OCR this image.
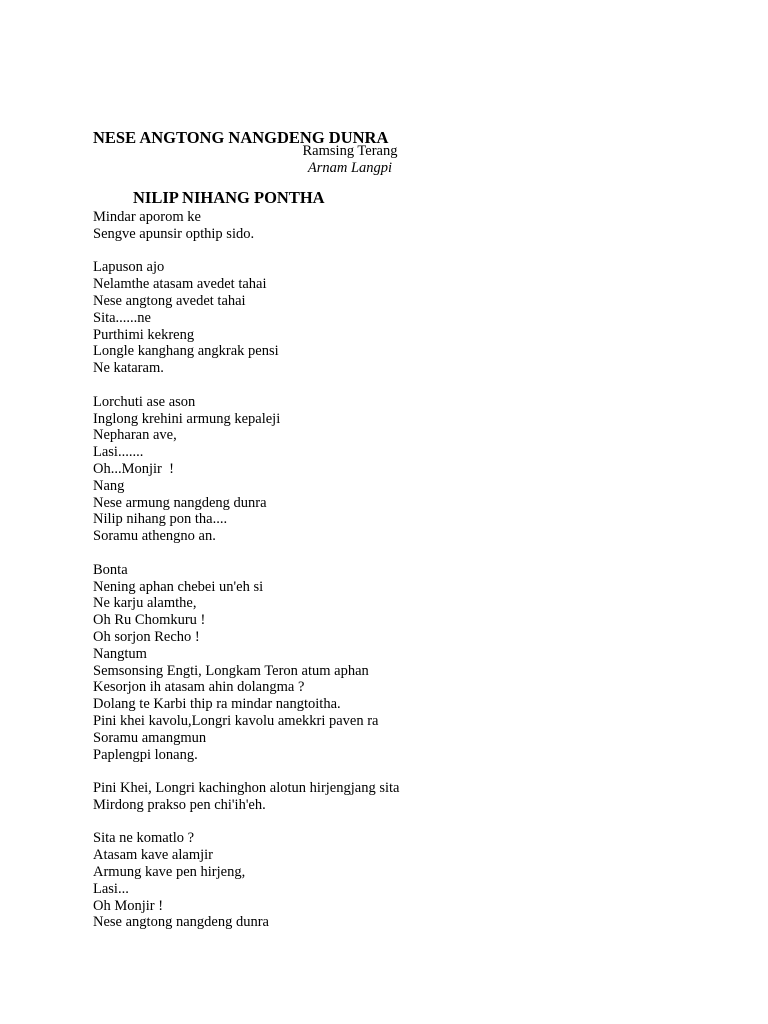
NESE ANGTONG NANGDENG DUNRA

NILIP NIHANG PONTHA

Ramsing Terang
Arnam Langpi
Mindar aporom ke
Sengve apunsir opthip sido.
Lapuson ajo
Nelamthe atasam avedet tahai
Nese angtong avedet tahai
Sita......ne
Purthimi kekreng
Longle kanghang angkrak pensi
Ne kataram.
Lorchuti ase ason
Inglong krehini armung kepaleji
Nepharan ave,
Lasi.......
Oh...Monjir  !
Nang
Nese armung nangdeng dunra
Nilip nihang pon tha....
Soramu athengno an.
Bonta
Nening aphan chebei un'eh si
Ne karju alamthe,
Oh Ru Chomkuru !
Oh sorjon Recho !
Nangtum
Semsonsing Engti, Longkam Teron atum aphan
Kesorjon ih atasam ahin dolangma ?
Dolang te Karbi thip ra mindar nangtoitha.
Pini khei kavolu,Longri kavolu amekkri paven ra
Soramu amangmun
Paplengpi lonang.
Pini Khei, Longri kachinghon alotun hirjengjang sita
Mirdong prakso pen chi'ih'eh.
Sita ne komatlo ?
Atasam kave alamjir
Armung kave pen hirjeng,
Lasi...
Oh Monjir !
Nese angtong nangdeng dunra
